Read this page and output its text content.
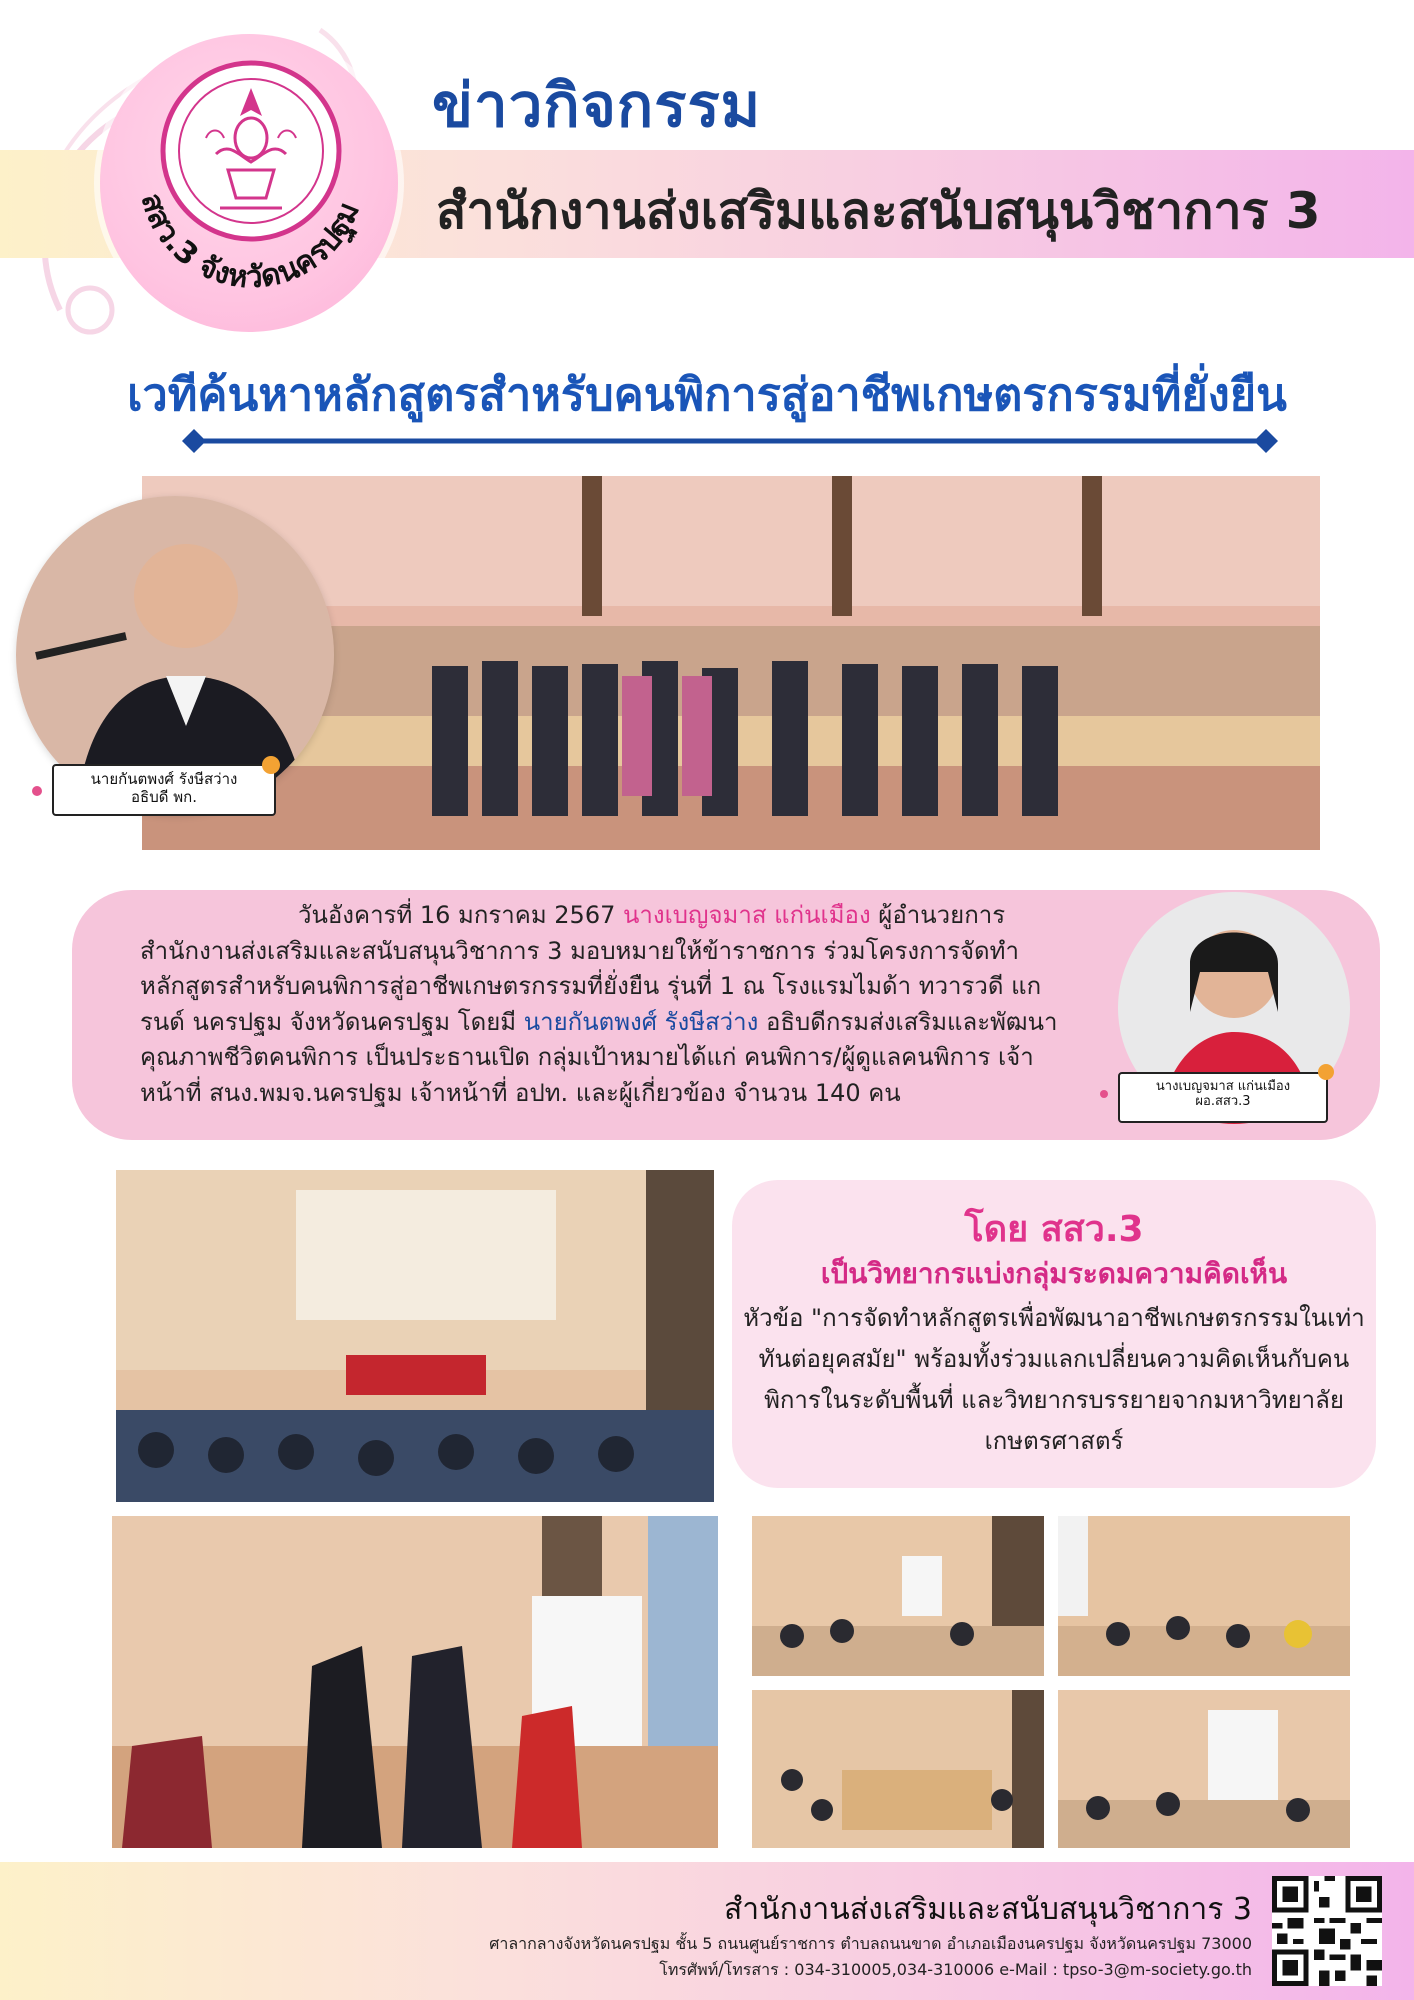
สสว.3 จังหวัดนครปฐม
ข่าวกิจกรรม
สำนักงานส่งเสริมและสนับสนุนวิชาการ 3
เวทีค้นหาหลักสูตรสำหรับคนพิการสู่อาชีพเกษตรกรรมที่ยั่งยืน
นายกันตพงศ์ รังษีสว่าง
อธิบดี พก.
วันอังคารที่ 16 มกราคม 2567 นางเบญจมาส แก่นเมือง ผู้อำนวยการสำนักงานส่งเสริมและสนับสนุนวิชาการ 3 มอบหมายให้ข้าราชการ ร่วมโครงการจัดทำหลักสูตรสำหรับคนพิการสู่อาชีพเกษตรกรรมที่ยั่งยืน รุ่นที่ 1 ณ โรงแรมไมด้า ทวารวดี แกรนด์ นครปฐม จังหวัดนครปฐม โดยมี นายกันตพงศ์ รังษีสว่าง อธิบดีกรมส่งเสริมและพัฒนาคุณภาพชีวิตคนพิการ เป็นประธานเปิด กลุ่มเป้าหมายได้แก่ คนพิการ/ผู้ดูแลคนพิการ เจ้าหน้าที่ สนง.พมจ.นครปฐม เจ้าหน้าที่ อปท. และผู้เกี่ยวข้อง จำนวน 140 คน	นางเบญจมาส แก่นเมือง
ผอ.สสว.3
โดย สสว.3
เป็นวิทยากรแบ่งกลุ่มระดมความคิดเห็น
หัวข้อ "การจัดทำหลักสูตรเพื่อพัฒนาอาชีพเกษตรกรรมในเท่าทันต่อยุคสมัย" พร้อมทั้งร่วมแลกเปลี่ยนความคิดเห็นกับคนพิการในระดับพื้นที่ และวิทยากรบรรยายจากมหาวิทยาลัยเกษตรศาสตร์
สำนักงานส่งเสริมและสนับสนุนวิชาการ 3
ศาลากลางจังหวัดนครปฐม ชั้น 5 ถนนศูนย์ราชการ ตำบลถนนขาด อำเภอเมืองนครปฐม จังหวัดนครปฐม 73000
โทรศัพท์/โทรสาร : 034-310005,034-310006 e-Mail : tpso-3@m-society.go.th
